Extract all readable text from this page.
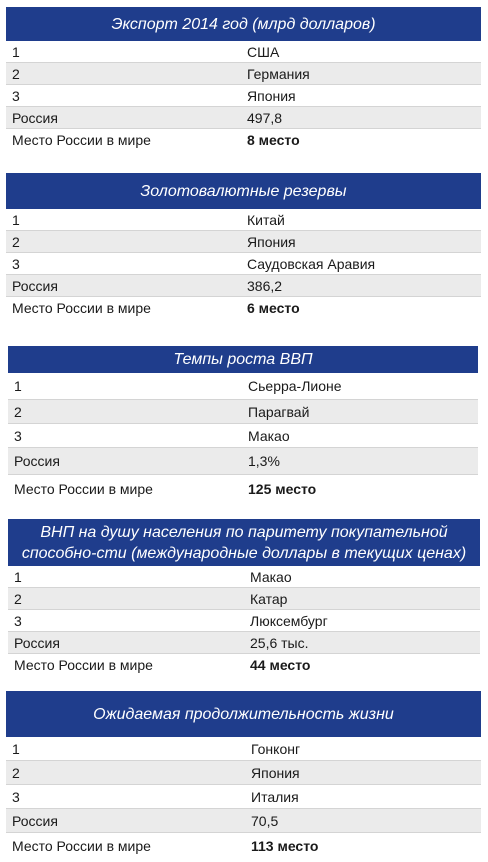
Экспорт 2014 год (млрд долларов)
1	США
2	Германия
3	Япония
Россия	497,8
Место России в мире	8 место
Золотовалютные резервы
1	Китай
2	Япония
3	Саудовская Аравия
Россия	386,2
Место России в мире	6 место
Темпы роста ВВП
1	Сьерра-Лионе
2	Парагвай
3	Макао
Россия	1,3%
Место России в мире	125 место
ВНП на душу населения по паритету покупательной способно-сти (международные доллары в текущих ценах)
1	Макао
2	Катар
3	Люксембург
Россия	25,6 тыс.
Место России в мире	44 место
Ожидаемая продолжительность жизни
1	Гонконг
2	Япония
3	Италия
Россия	70,5
Место России в мире	113 место
